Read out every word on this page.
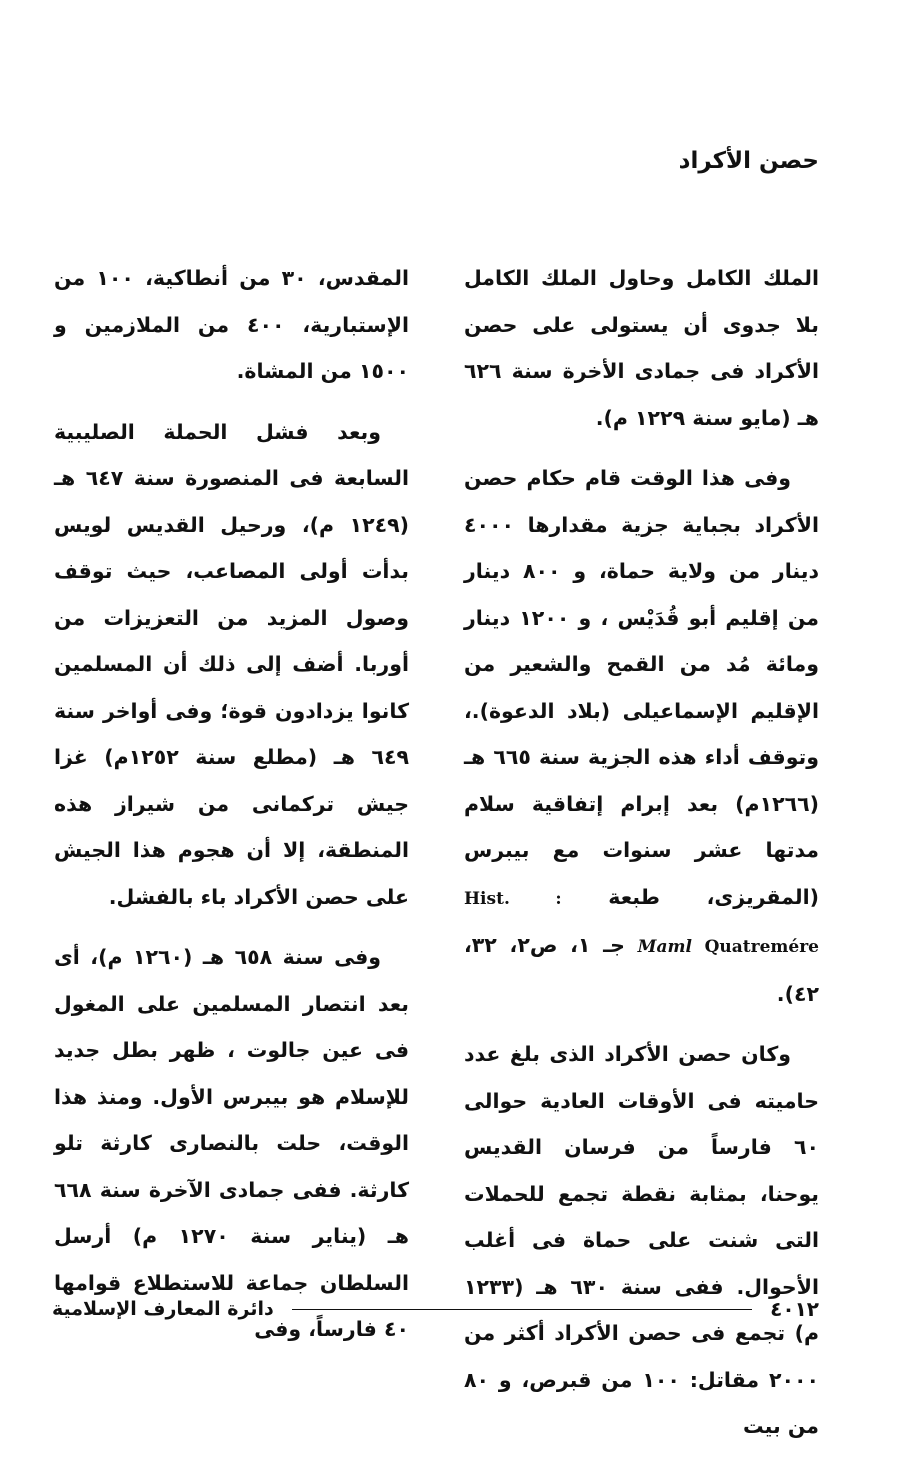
حصن الأكراد

الملك الكامل وحاول الملك الكامل بلا جدوى أن يستولى على حصن الأكراد فى جمادى الأخرة سنة ٦٢٦ هـ (مايو سنة ١٢٢٩ م).

وفى هذا الوقت قام حكام حصن الأكراد بجباية جزية مقدارها ٤٠٠٠ دينار من ولاية حماة، و ٨٠٠ دينار من إقليم أبو قُدَيْس ، و ١٢٠٠ دينار ومائة مُد من القمح والشعير من الإقليم الإسماعيلى (بلاد الدعوة).، وتوقف أداء هذه الجزية سنة ٦٦٥ هـ (١٢٦٦م) بعد إبرام إتفاقية سلام مدتها عشر سنوات مع بيبرس (المقريزى، طبعة Hist. : Quatremére Maml جـ ١، ص٢، ٣٢، ٤٢).

وكان حصن الأكراد الذى بلغ عدد حاميته فى الأوقات العادية حوالى ٦٠ فارساً من فرسان القديس يوحنا، بمثابة نقطة تجمع للحملات التى شنت على حماة فى أغلب الأحوال. ففى سنة ٦٣٠ هـ (١٢٣٣ م) تجمع فى حصن الأكراد أكثر من ٢٠٠٠ مقاتل: ١٠٠ من قبرص، و ٨٠ من بيت

المقدس، ٣٠ من أنطاكية، ١٠٠ من الإستبارية، ٤٠٠ من الملازمين و ١٥٠٠ من المشاة.

وبعد فشل الحملة الصليبية السابعة فى المنصورة سنة ٦٤٧ هـ (١٢٤٩ م)، ورحيل القديس لويس بدأت أولى المصاعب، حيث توقف وصول المزيد من التعزيزات من أوربا. أضف إلى ذلك أن المسلمين كانوا يزدادون قوة؛ وفى أواخر سنة ٦٤٩ هـ (مطلع سنة ١٢٥٢م) غزا جيش تركمانى من شيراز هذه المنطقة، إلا أن هجوم هذا الجيش على حصن الأكراد باء بالفشل.

وفى سنة ٦٥٨ هـ (١٢٦٠ م)، أى بعد انتصار المسلمين على المغول فى عين جالوت ، ظهر بطل جديد للإسلام هو بيبرس الأول. ومنذ هذا الوقت، حلت بالنصارى كارثة تلو كارثة. ففى جمادى الآخرة سنة ٦٦٨ هـ (يناير سنة ١٢٧٠ م) أرسل السلطان جماعة للاستطلاع قوامها ٤٠ فارساً، وفى

٤٠١٢
دائرة المعارف الإسلامية
